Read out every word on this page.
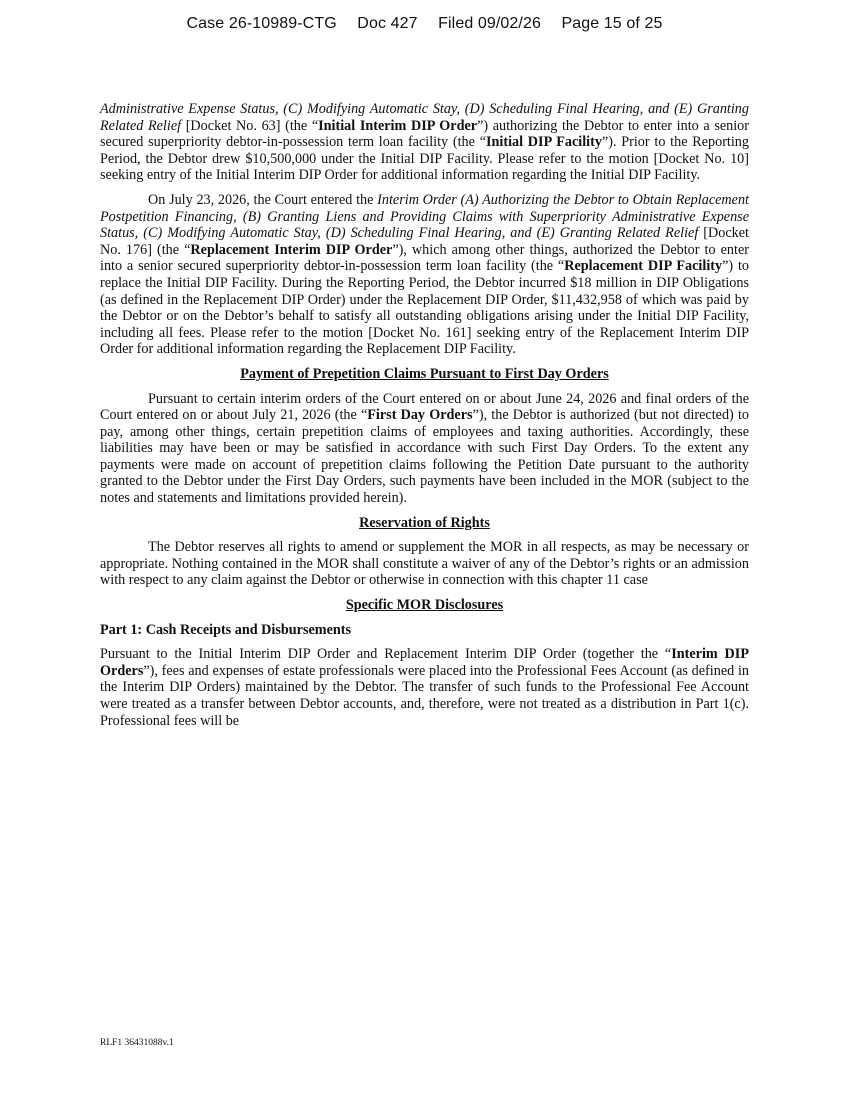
Case 26-10989-CTG Doc 427 Filed 09/02/26 Page 15 of 25

Administrative Expense Status, (C) Modifying Automatic Stay, (D) Scheduling Final Hearing, and (E) Granting Related Relief [Docket No. 63] (the “Initial Interim DIP Order”) authorizing the Debtor to enter into a senior secured superpriority debtor-in-possession term loan facility (the “Initial DIP Facility”). Prior to the Reporting Period, the Debtor drew $10,500,000 under the Initial DIP Facility. Please refer to the motion [Docket No. 10] seeking entry of the Initial Interim DIP Order for additional information regarding the Initial DIP Facility.

On July 23, 2026, the Court entered the Interim Order (A) Authorizing the Debtor to Obtain Replacement Postpetition Financing, (B) Granting Liens and Providing Claims with Superpriority Administrative Expense Status, (C) Modifying Automatic Stay, (D) Scheduling Final Hearing, and (E) Granting Related Relief [Docket No. 176] (the “Replacement Interim DIP Order”), which among other things, authorized the Debtor to enter into a senior secured superpriority debtor-in-possession term loan facility (the “Replacement DIP Facility”) to replace the Initial DIP Facility. During the Reporting Period, the Debtor incurred $18 million in DIP Obligations (as defined in the Replacement DIP Order) under the Replacement DIP Order, $11,432,958 of which was paid by the Debtor or on the Debtor’s behalf to satisfy all outstanding obligations arising under the Initial DIP Facility, including all fees. Please refer to the motion [Docket No. 161] seeking entry of the Replacement Interim DIP Order for additional information regarding the Replacement DIP Facility.

Payment of Prepetition Claims Pursuant to First Day Orders

Pursuant to certain interim orders of the Court entered on or about June 24, 2026 and final orders of the Court entered on or about July 21, 2026 (the “First Day Orders”), the Debtor is authorized (but not directed) to pay, among other things, certain prepetition claims of employees and taxing authorities. Accordingly, these liabilities may have been or may be satisfied in accordance with such First Day Orders. To the extent any payments were made on account of prepetition claims following the Petition Date pursuant to the authority granted to the Debtor under the First Day Orders, such payments have been included in the MOR (subject to the notes and statements and limitations provided herein).

Reservation of Rights

The Debtor reserves all rights to amend or supplement the MOR in all respects, as may be necessary or appropriate. Nothing contained in the MOR shall constitute a waiver of any of the Debtor’s rights or an admission with respect to any claim against the Debtor or otherwise in connection with this chapter 11 case

Specific MOR Disclosures
Part 1: Cash Receipts and Disbursements

Pursuant to the Initial Interim DIP Order and Replacement Interim DIP Order (together the “Interim DIP Orders”), fees and expenses of estate professionals were placed into the Professional Fees Account (as defined in the Interim DIP Orders) maintained by the Debtor. The transfer of such funds to the Professional Fee Account were treated as a transfer between Debtor accounts, and, therefore, were not treated as a distribution in Part 1(c). Professional fees will be

RLF1 36431088v.1
